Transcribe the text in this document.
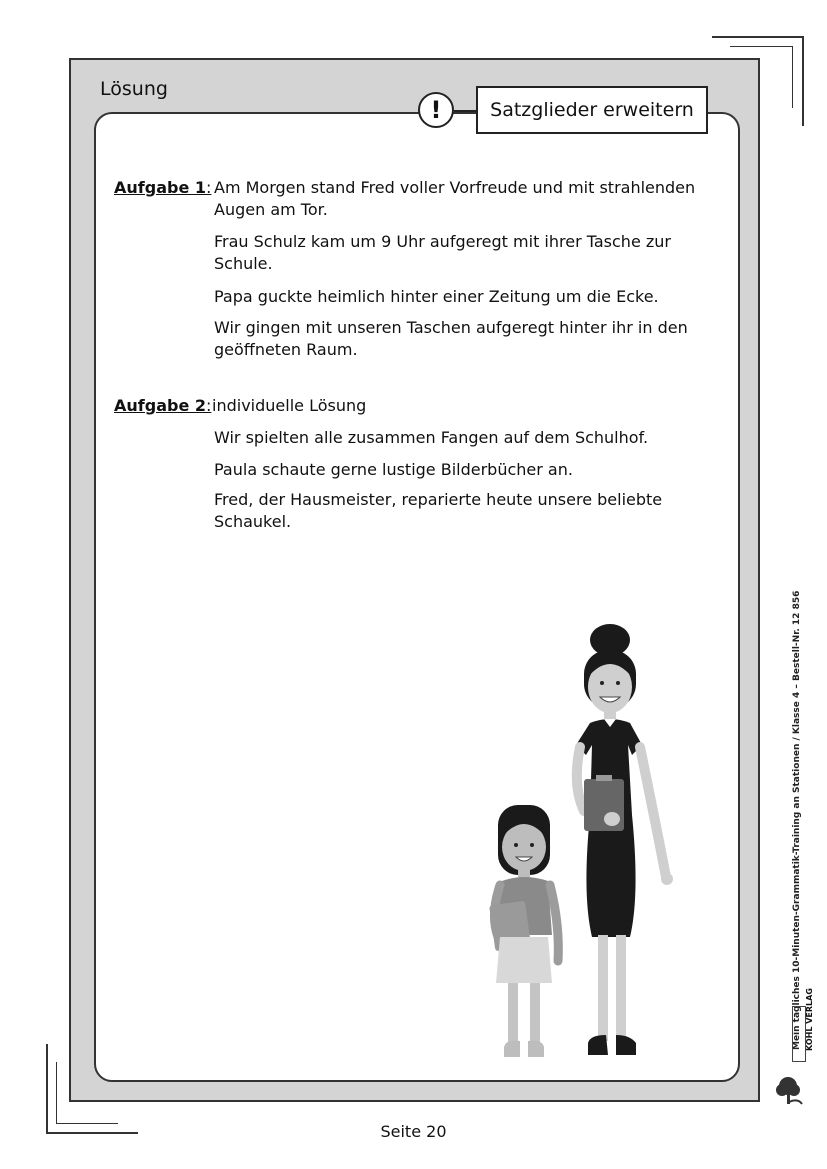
Lösung
!	Satzglieder erweitern
Aufgabe 1: Am Morgen stand Fred voller Vorfreude und mit strahlenden
Augen am Tor.
Frau Schulz kam um 9 Uhr aufgeregt mit ihrer Tasche zur
Schule.
Papa guckte heimlich hinter einer Zeitung um die Ecke.
Wir gingen mit unseren Taschen aufgeregt hinter ihr in den
geöffneten Raum.
Aufgabe 2: individuelle Lösung
Wir spielten alle zusammen Fangen auf dem Schulhof.
Paula schaute gerne lustige Bilderbücher an.
Fred, der Hausmeister, reparierte heute unsere beliebte Schaukel.
Seite 20
Mein tägliches 10-Minuten-Grammatik-Training an Stationen / Klasse 4 – Bestell-Nr. 12 856 KOHL VERLAG
